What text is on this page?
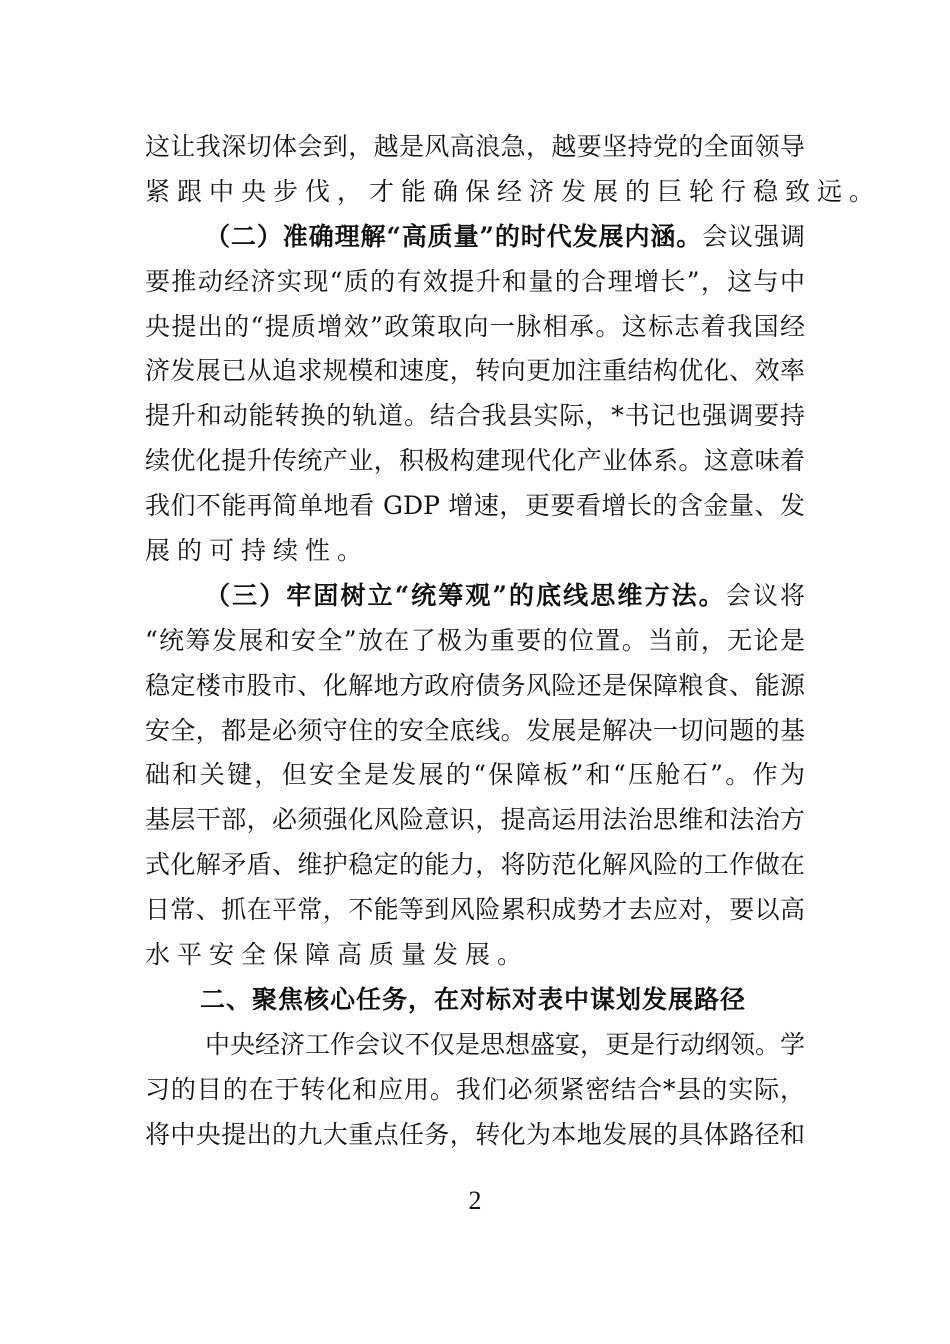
这让我深切体会到，越是风高浪急，越要坚持党的全面领导
紧跟中央步伐，才能确保经济发展的巨轮行稳致远。
（二）准确理解“高质量”的时代发展内涵。会议强调
要推动经济实现“质的有效提升和量的合理增长”，这与中
央提出的“提质增效”政策取向一脉相承。这标志着我国经
济发展已从追求规模和速度，转向更加注重结构优化、效率
提升和动能转换的轨道。结合我县实际，*书记也强调要持
续优化提升传统产业，积极构建现代化产业体系。这意味着
我们不能再简单地看 GDP 增速，更要看增长的含金量、发
展的可持续性。
（三）牢固树立“统筹观”的底线思维方法。会议将
“统筹发展和安全”放在了极为重要的位置。当前，无论是
稳定楼市股市、化解地方政府债务风险还是保障粮食、能源
安全，都是必须守住的安全底线。发展是解决一切问题的基
础和关键，但安全是发展的“保障板”和“压舱石”。作为
基层干部，必须强化风险意识，提高运用法治思维和法治方
式化解矛盾、维护稳定的能力，将防范化解风险的工作做在
日常、抓在平常，不能等到风险累积成势才去应对，要以高
水平安全保障高质量发展。
二、聚焦核心任务，在对标对表中谋划发展路径
中央经济工作会议不仅是思想盛宴，更是行动纲领。学
习的目的在于转化和应用。我们必须紧密结合*县的实际，
将中央提出的九大重点任务，转化为本地发展的具体路径和
2
